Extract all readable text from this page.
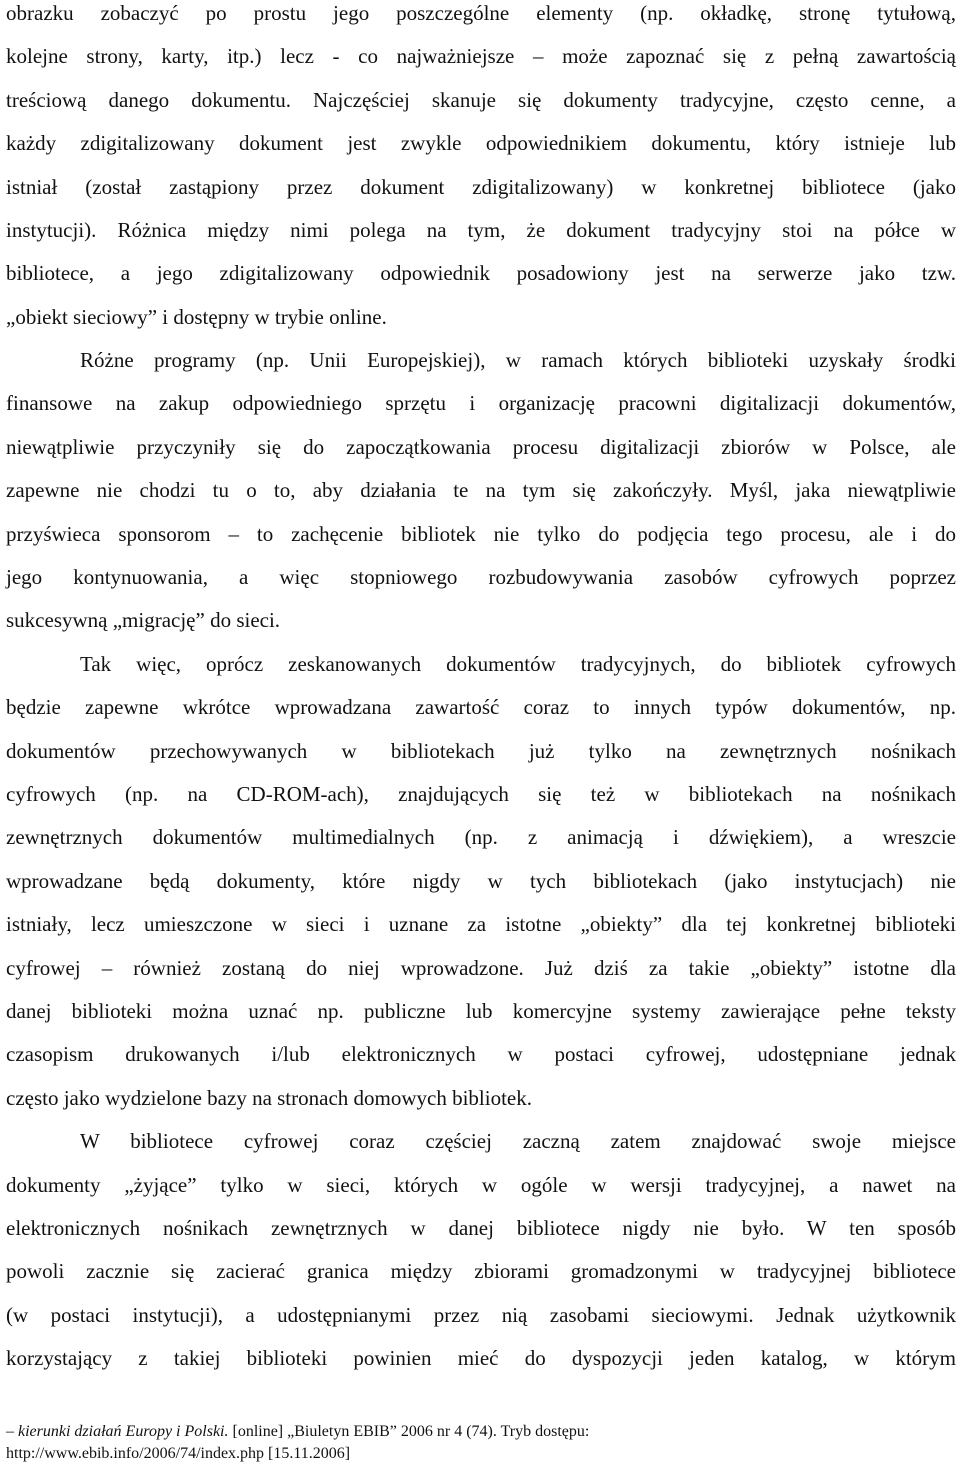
obrazku zobaczyć po prostu jego poszczególne elementy (np. okładkę, stronę tytułową,
kolejne strony, karty, itp.) lecz - co najważniejsze – może zapoznać się z pełną zawartością
treściową danego dokumentu. Najczęściej skanuje się dokumenty tradycyjne, często cenne, a
każdy zdigitalizowany dokument jest zwykle odpowiednikiem dokumentu, który istnieje lub
istniał (został zastąpiony przez dokument zdigitalizowany) w konkretnej bibliotece (jako
instytucji). Różnica między nimi polega na tym, że dokument tradycyjny stoi na półce w
bibliotece, a jego zdigitalizowany odpowiednik posadowiony jest na serwerze jako tzw.
„obiekt sieciowy” i dostępny w trybie online.
Różne programy (np. Unii Europejskiej), w ramach których biblioteki uzyskały środki
finansowe na zakup odpowiedniego sprzętu i organizację pracowni digitalizacji dokumentów,
niewątpliwie przyczyniły się do zapoczątkowania procesu digitalizacji zbiorów w Polsce, ale
zapewne nie chodzi tu o to, aby działania te na tym się zakończyły. Myśl, jaka niewątpliwie
przyświeca sponsorom – to zachęcenie bibliotek nie tylko do podjęcia tego procesu, ale i do
jego kontynuowania, a więc stopniowego rozbudowywania zasobów cyfrowych poprzez
sukcesywną „migrację” do sieci.
Tak więc, oprócz zeskanowanych dokumentów tradycyjnych, do bibliotek cyfrowych
będzie zapewne wkrótce wprowadzana zawartość coraz to innych typów dokumentów, np.
dokumentów przechowywanych w bibliotekach już tylko na zewnętrznych nośnikach
cyfrowych (np. na CD-ROM-ach), znajdujących się też w bibliotekach na nośnikach
zewnętrznych dokumentów multimedialnych (np. z animacją i dźwiękiem), a wreszcie
wprowadzane będą dokumenty, które nigdy w tych bibliotekach (jako instytucjach) nie
istniały, lecz umieszczone w sieci i uznane za istotne „obiekty” dla tej konkretnej biblioteki
cyfrowej – również zostaną do niej wprowadzone. Już dziś za takie „obiekty” istotne dla
danej biblioteki można uznać np. publiczne lub komercyjne systemy zawierające pełne teksty
czasopism drukowanych i/lub elektronicznych w postaci cyfrowej, udostępniane jednak
często jako wydzielone bazy na stronach domowych bibliotek.
W bibliotece cyfrowej coraz częściej zaczną zatem znajdować swoje miejsce
dokumenty „żyjące” tylko w sieci, których w ogóle w wersji tradycyjnej, a nawet na
elektronicznych nośnikach zewnętrznych w danej bibliotece nigdy nie było. W ten sposób
powoli zacznie się zacierać granica między zbiorami gromadzonymi w tradycyjnej bibliotece
(w postaci instytucji), a udostępnianymi przez nią zasobami sieciowymi. Jednak użytkownik
korzystający z takiej biblioteki powinien mieć do dyspozycji jeden katalog, w którym
– kierunki działań Europy i Polski. [online] „Biuletyn EBIB” 2006 nr 4 (74). Tryb dostępu:
http://www.ebib.info/2006/74/index.php [15.11.2006]
